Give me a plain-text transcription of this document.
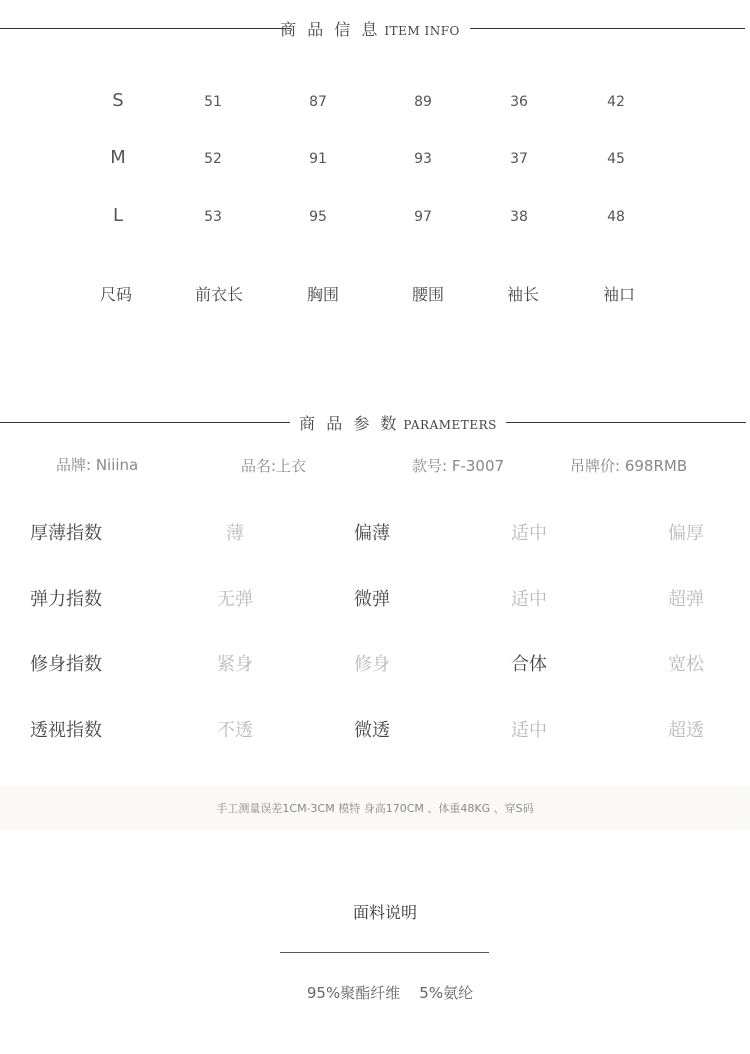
商 品 信 息 ITEM INFO
S	51	87	89	36	42
M	52	91	93	37	45
L	53	95	97	38	48
尺码	前衣长	胸围	腰围	袖长	袖口
商 品 参 数 PARAMETERS
品牌: Niiina	品名:上衣	款号: F-3007	吊牌价: 698RMB
厚薄指数	薄	偏薄	适中	偏厚
弹力指数	无弹	微弹	适中	超弹
修身指数	紧身	修身	合体	宽松
透视指数	不透	微透	适中	超透
手工测量误差1CM-3CM 模特 身高170CM 、体重48KG 、穿S码
面料说明
95%聚酯纤维    5%氨纶
